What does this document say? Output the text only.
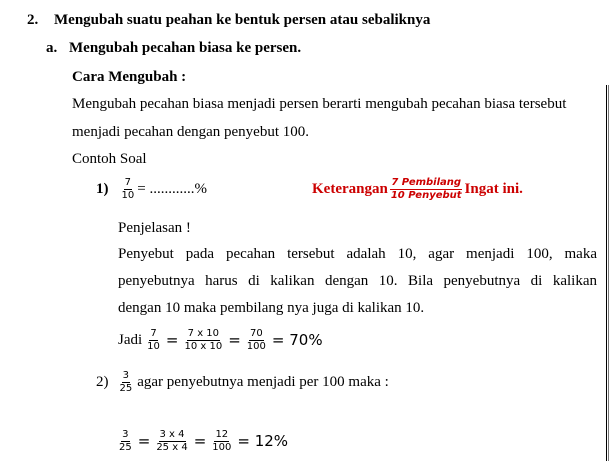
2. Mengubah suatu peahan ke bentuk persen atau sebaliknya
a. Mengubah pecahan biasa ke persen.
Cara Mengubah :
Mengubah pecahan biasa menjadi persen berarti mengubah pecahan biasa tersebut
menjadi pecahan dengan penyebut 100.
Contoh Soal
$1) \frac{7}{10}$ = ............%	Keterangan $\frac{\text{7 Pembilang}}{\text{10 Penyebut}}$ Ingat ini.
Penjelasan !
Penyebut pada pecahan tersebut adalah 10, agar menjadi 100, maka
penyebutnya harus di kalikan dengan 10. Bila penyebutnya di kalikan
dengan 10 maka pembilang nya juga di kalikan 10.
Jadi $\frac{7}{10} = \frac{7 x 10}{10 x 10} = \frac{70}{100} = 70\%$
$2) \frac{3}{25}$ agar penyebutnya menjadi per 100 maka :
$\frac{3}{25} = \frac{3 x 4}{25 x 4} = \frac{12}{100} = 12\%$
